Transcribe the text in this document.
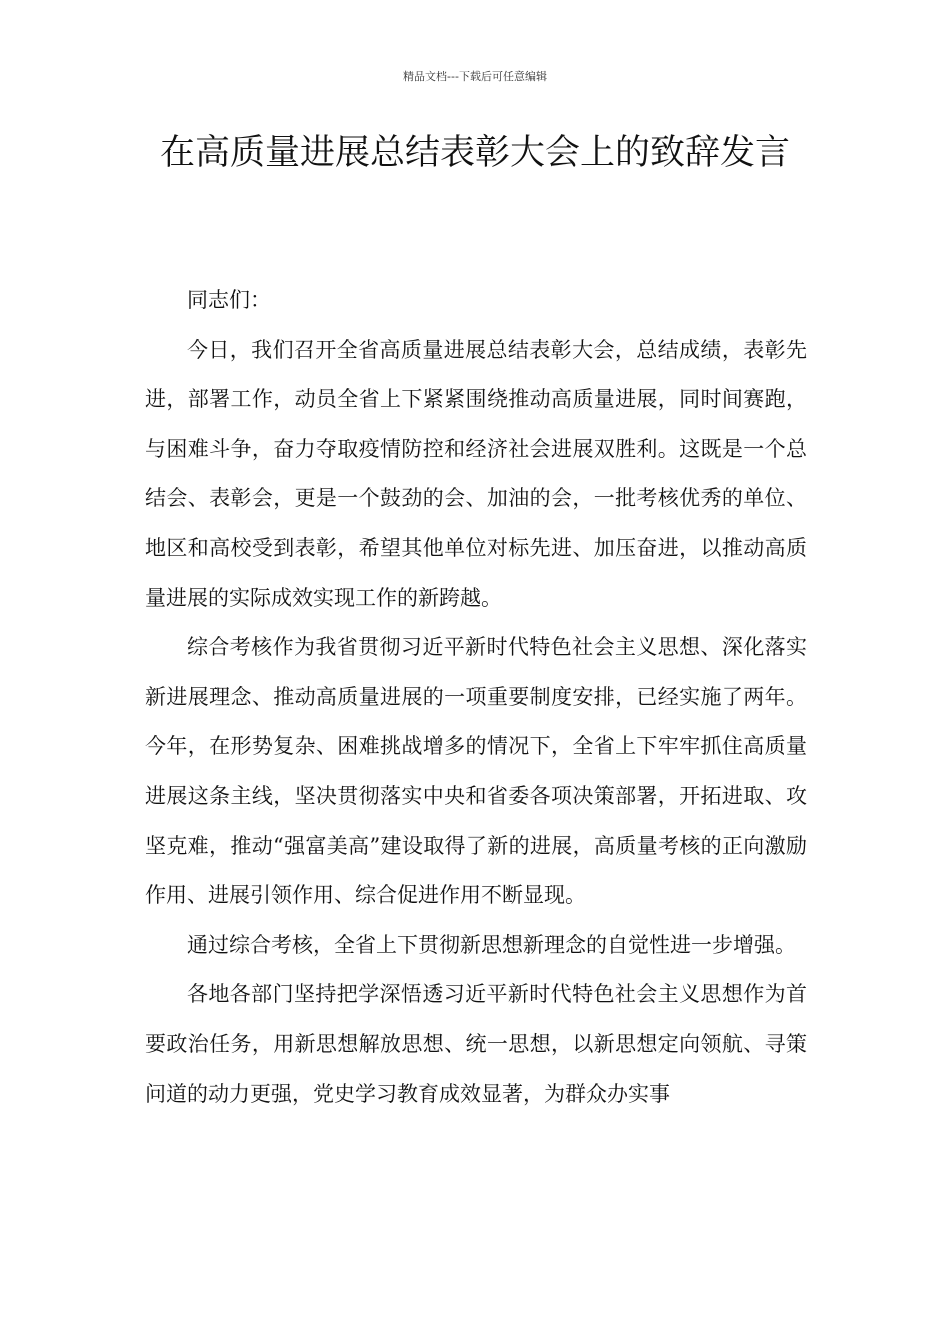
精品文档---下载后可任意编辑
在高质量进展总结表彰大会上的致辞发言

同志们：

今日，我们召开全省高质量进展总结表彰大会，总结成绩，表彰先进，部署工作，动员全省上下紧紧围绕推动高质量进展，同时间赛跑，与困难斗争，奋力夺取疫情防控和经济社会进展双胜利。这既是一个总结会、表彰会，更是一个鼓劲的会、加油的会，一批考核优秀的单位、地区和高校受到表彰，希望其他单位对标先进、加压奋进，以推动高质量进展的实际成效实现工作的新跨越。

综合考核作为我省贯彻习近平新时代特色社会主义思想、深化落实新进展理念、推动高质量进展的一项重要制度安排，已经实施了两年。今年，在形势复杂、困难挑战增多的情况下，全省上下牢牢抓住高质量进展这条主线，坚决贯彻落实中央和省委各项决策部署，开拓进取、攻坚克难，推动“强富美高”建设取得了新的进展，高质量考核的正向激励作用、进展引领作用、综合促进作用不断显现。

通过综合考核，全省上下贯彻新思想新理念的自觉性进一步增强。

各地各部门坚持把学深悟透习近平新时代特色社会主义思想作为首要政治任务，用新思想解放思想、统一思想，以新思想定向领航、寻策问道的动力更强，党史学习教育成效显著，为群众办实事
